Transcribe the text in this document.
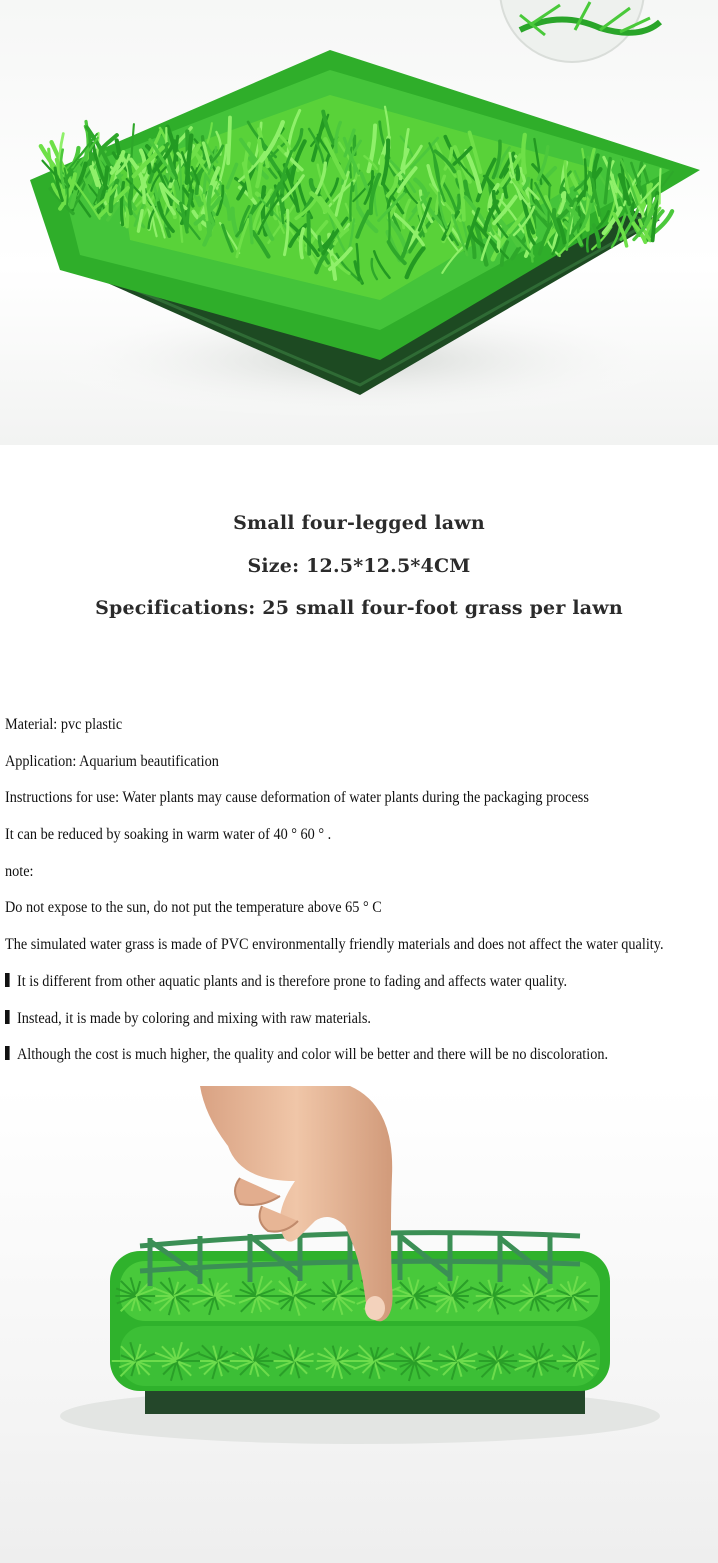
Small four-legged lawn
Size: 12.5*12.5*4CM
Specifications: 25 small four-foot grass per lawn
Material: pvc plastic
Application: Aquarium beautification
Instructions for use: Water plants may cause deformation of water plants during the packaging process
It can be reduced by soaking in warm water of 40 ° 60 ° .
note:
Do not expose to the sun, do not put the temperature above 65 ° C
The simulated water grass is made of PVC environmentally friendly materials and does not affect the water quality.
It is different from other aquatic plants and is therefore prone to fading and affects water quality.
Instead, it is made by coloring and mixing with raw materials.
Although the cost is much higher, the quality and color will be better and there will be no discoloration.
